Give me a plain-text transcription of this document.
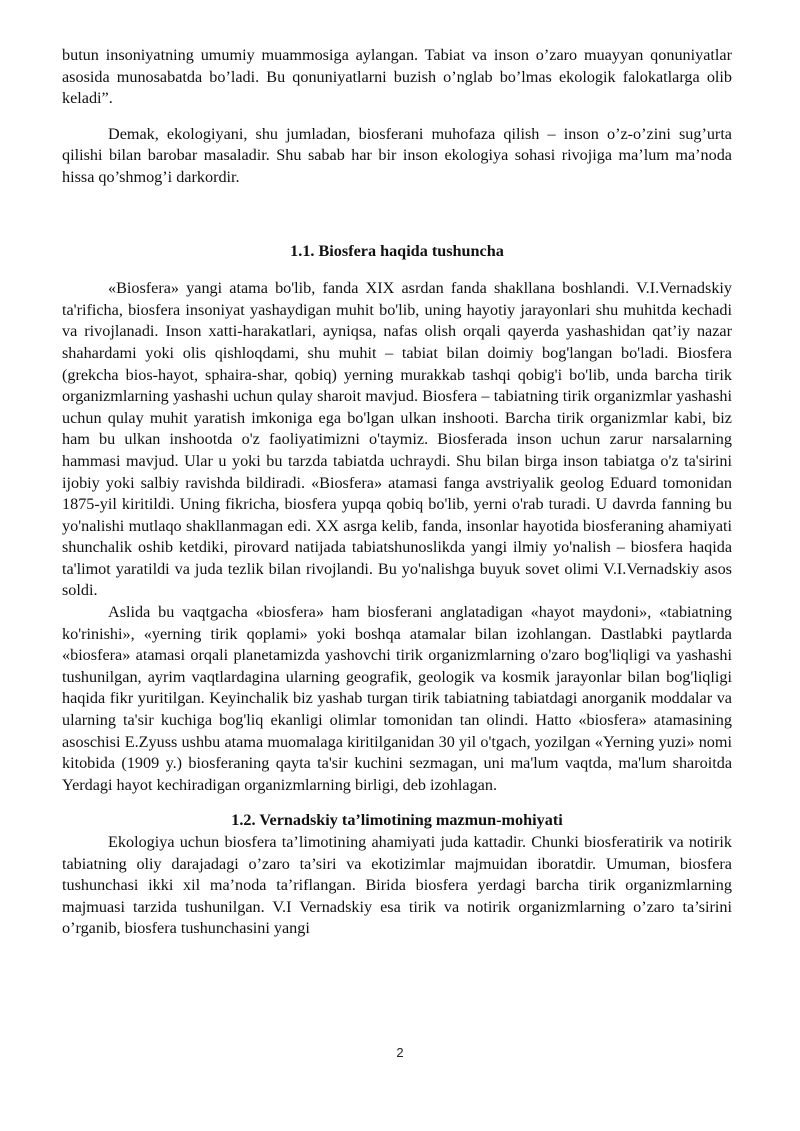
butun insoniyatning umumiy muammosiga aylangan. Tabiat va inson o’zaro muayyan qonuniyatlar asosida munosabatda bo’ladi. Bu qonuniyatlarni buzish o’nglab bo’lmas ekologik falokatlarga olib keladi”.

Demak, ekologiyani, shu jumladan, biosferani muhofaza qilish – inson o’z-o’zini sug’urta qilishi bilan barobar masaladir. Shu sabab har bir inson ekologiya sohasi rivojiga ma’lum ma’noda hissa qo’shmog’i darkordir.

1.1. Biosfera haqida tushuncha

«Biosfera» yangi atama bo'lib, fanda XIX asrdan fanda shakllana boshlandi. V.I.Vernadskiy ta'rificha, biosfera insoniyat yashaydigan muhit bo'lib, uning hayotiy jarayonlari shu muhitda kechadi va rivojlanadi. Inson xatti-harakatlari, ayniqsa, nafas olish orqali qayerda yashashidan qat’iy nazar shahardami yoki olis qishloqdami, shu muhit – tabiat bilan doimiy bog'langan bo'ladi. Biosfera (grekcha bios-hayot, sphaira-shar, qobiq) yerning murakkab tashqi qobig'i bo'lib, unda barcha tirik organizmlarning yashashi uchun qulay sharoit mavjud. Biosfera – tabiatning tirik organizmlar yashashi uchun qulay muhit yaratish imkoniga ega bo'lgan ulkan inshooti. Barcha tirik organizmlar kabi, biz ham bu ulkan inshootda o'z faoliyatimizni o'taymiz. Biosferada inson uchun zarur narsalarning hammasi mavjud. Ular u yoki bu tarzda tabiatda uchraydi. Shu bilan birga inson tabiatga o'z ta'sirini ijobiy yoki salbiy ravishda bildiradi. «Biosfera» atamasi fanga avstriyalik geolog Eduard tomonidan 1875-yil kiritildi. Uning fikricha, biosfera yupqa qobiq bo'lib, yerni o'rab turadi. U davrda fanning bu yo'nalishi mutlaqo shakllanmagan edi. XX asrga kelib, fanda, insonlar hayotida biosferaning ahamiyati shunchalik oshib ketdiki, pirovard natijada tabiatshunoslikda yangi ilmiy yo'nalish – biosfera haqida ta'limot yaratildi va juda tezlik bilan rivojlandi. Bu yo'nalishga buyuk sovet olimi V.I.Vernadskiy asos soldi.

Aslida bu vaqtgacha «biosfera» ham biosferani anglatadigan «hayot maydoni», «tabiatning ko'rinishi», «yerning tirik qoplami» yoki boshqa atamalar bilan izohlangan. Dastlabki paytlarda «biosfera» atamasi orqali planetamizda yashovchi tirik organizmlarning o'zaro bog'liqligi va yashashi tushunilgan, ayrim vaqtlardagina ularning geografik, geologik va kosmik jarayonlar bilan bog'liqligi haqida fikr yuritilgan. Keyinchalik biz yashab turgan tirik tabiatning tabiatdagi anorganik moddalar va ularning ta'sir kuchiga bog'liq ekanligi olimlar tomonidan tan olindi. Hatto «biosfera» atamasining asoschisi E.Zyuss ushbu atama muomalaga kiritilganidan 30 yil o'tgach, yozilgan «Yerning yuzi» nomi kitobida (1909 y.) biosferaning qayta ta'sir kuchini sezmagan, uni ma'lum vaqtda, ma'lum sharoitda Yerdagi hayot kechiradigan organizmlarning birligi, deb izohlagan.

1.2. Vernadskiy ta’limotining mazmun-mohiyati

Ekologiya uchun biosfera ta’limotining ahamiyati juda kattadir. Chunki biosferatirik va notirik tabiatning oliy darajadagi o’zaro ta’siri va ekotizimlar majmuidan iboratdir. Umuman, biosfera tushunchasi ikki xil ma’noda ta’riflangan. Birida biosfera yerdagi barcha tirik organizmlarning majmuasi tarzida tushunilgan. V.I Vernadskiy esa tirik va notirik organizmlarning o’zaro ta’sirini o’rganib, biosfera tushunchasini yangi

2
